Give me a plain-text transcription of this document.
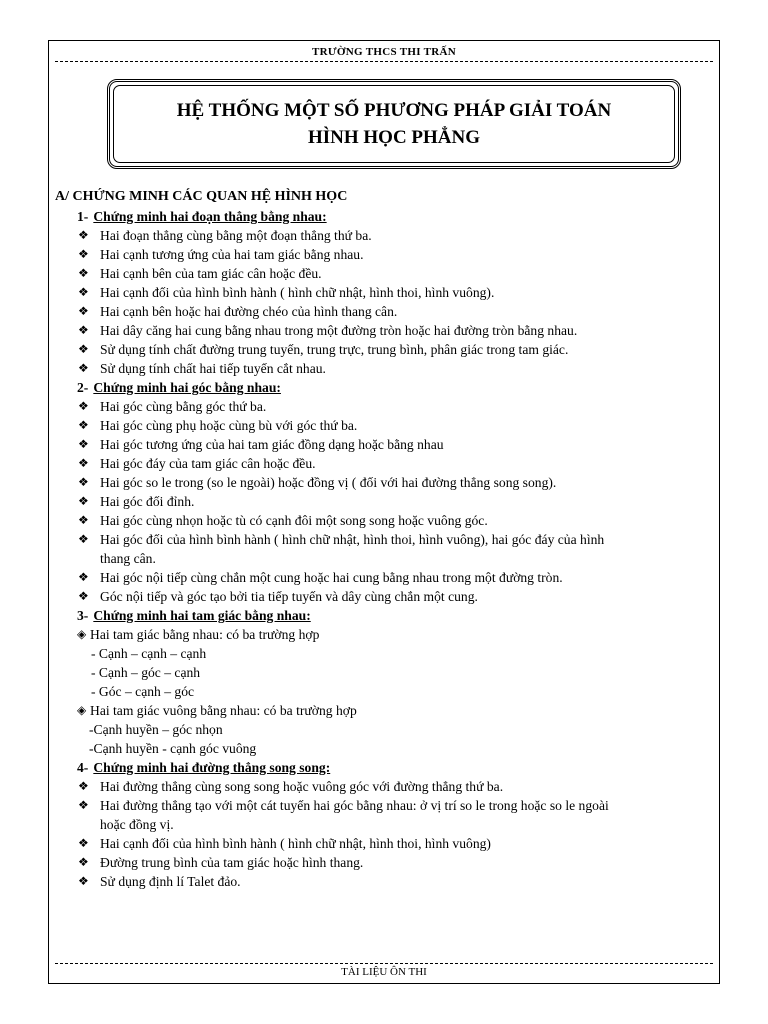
TRƯỜNG THCS THI TRẤN
HỆ THỐNG MỘT SỐ PHƯƠNG PHÁP GIẢI TOÁN
HÌNH HỌC PHẲNG
A/ CHỨNG MINH CÁC QUAN HỆ HÌNH HỌC
1- Chứng minh hai đoạn thẳng bằng nhau:
❖ Hai đoạn thẳng cùng bằng một đoạn thẳng thứ ba.
❖ Hai cạnh tương ứng của hai tam giác bằng nhau.
❖ Hai cạnh bên của tam giác cân hoặc đều.
❖ Hai cạnh đối của hình bình hành ( hình chữ nhật, hình thoi, hình vuông).
❖ Hai cạnh bên hoặc hai đường chéo của hình thang cân.
❖ Hai dây căng hai cung bằng nhau trong một đường tròn hoặc hai đường tròn bằng nhau.
❖ Sử dụng tính chất đường trung tuyến, trung trực, trung bình, phân giác trong tam giác.
❖ Sử dụng tính chất hai tiếp tuyến cắt nhau.
2- Chứng minh hai góc bằng nhau:
❖ Hai góc cùng bằng góc thứ ba.
❖ Hai góc cùng phụ hoặc cùng bù với góc thứ ba.
❖ Hai góc tương ứng của hai tam giác đồng dạng hoặc bằng nhau
❖ Hai góc đáy của tam giác cân hoặc đều.
❖ Hai góc so le trong (so le ngoài) hoặc đồng vị ( đối với hai đường thẳng song song).
❖ Hai góc đối đỉnh.
❖ Hai góc cùng nhọn hoặc tù có cạnh đôi một song song hoặc vuông góc.
❖ Hai góc đối của hình bình hành ( hình chữ nhật, hình thoi, hình vuông), hai góc đáy của hình
thang cân.
❖ Hai góc nội tiếp cùng chắn một cung hoặc hai cung bằng nhau trong một đường tròn.
❖ Góc nội tiếp và góc tạo bởi tia tiếp tuyến và dây cùng chắn một cung.
3- Chứng minh hai tam giác bằng nhau:
◈ Hai tam giác bằng nhau: có ba trường hợp
- Cạnh – cạnh – cạnh
- Cạnh – góc – cạnh
- Góc – cạnh – góc
◈ Hai tam giác vuông bằng nhau: có ba trường hợp
-Cạnh huyền – góc nhọn
-Cạnh huyền - cạnh góc vuông
4- Chứng minh hai đường thẳng song song:
❖ Hai đường thẳng cùng song song hoặc vuông góc với đường thẳng thứ ba.
❖ Hai đường thẳng tạo với một cát tuyến hai góc bằng nhau: ở vị trí so le trong hoặc so le ngoài
hoặc đồng vị.
❖ Hai cạnh đối của hình bình hành ( hình chữ nhật, hình thoi, hình vuông)
❖ Đường trung bình của tam giác hoặc hình thang.
❖ Sử dụng định lí Talet đảo.
TÀI LIỆU ÔN THI
